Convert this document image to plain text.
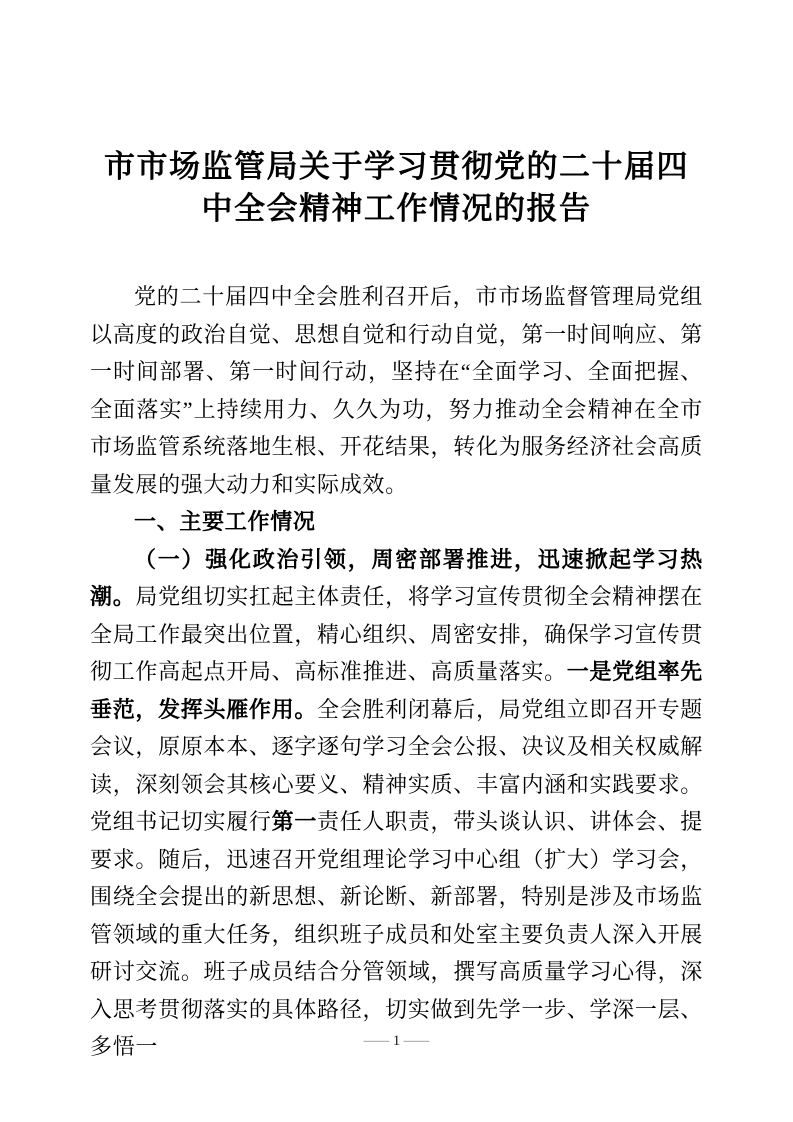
市市场监管局关于学习贯彻党的二十届四中全会精神工作情况的报告
党的二十届四中全会胜利召开后，市市场监督管理局党组以高度的政治自觉、思想自觉和行动自觉，第一时间响应、第一时间部署、第一时间行动，坚持在“全面学习、全面把握、全面落实”上持续用力、久久为功，努力推动全会精神在全市市场监管系统落地生根、开花结果，转化为服务经济社会高质量发展的强大动力和实际成效。
一、主要工作情况
（一）强化政治引领，周密部署推进，迅速掀起学习热潮。局党组切实扛起主体责任，将学习宣传贯彻全会精神摆在全局工作最突出位置，精心组织、周密安排，确保学习宣传贯彻工作高起点开局、高标准推进、高质量落实。一是党组率先垂范，发挥头雁作用。全会胜利闭幕后，局党组立即召开专题会议，原原本本、逐字逐句学习全会公报、决议及相关权威解读，深刻领会其核心要义、精神实质、丰富内涵和实践要求。党组书记切实履行第一责任人职责，带头谈认识、讲体会、提要求。随后，迅速召开党组理论学习中心组（扩大）学习会，围绕全会提出的新思想、新论断、新部署，特别是涉及市场监管领域的重大任务，组织班子成员和处室主要负责人深入开展研讨交流。班子成员结合分管领域，撰写高质量学习心得，深入思考贯彻落实的具体路径，切实做到先学一步、学深一层、多悟一	— 1 —
